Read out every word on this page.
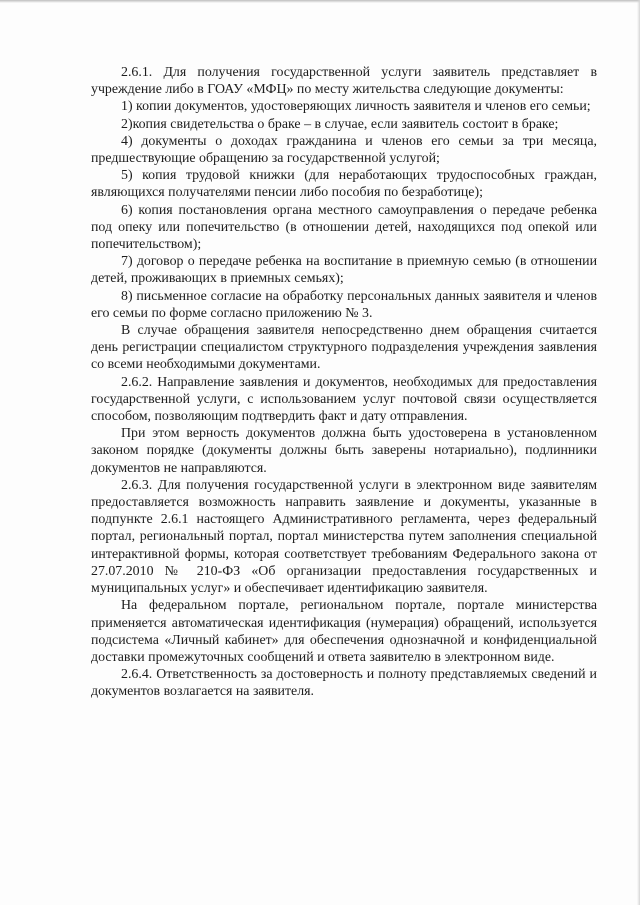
2.6.1. Для получения государственной услуги заявитель представляет в учреждение либо в ГОАУ «МФЦ» по месту жительства следующие документы:

1) копии документов, удостоверяющих личность заявителя и членов его семьи;

2)копия свидетельства о браке – в случае, если заявитель состоит в браке;

4) документы о доходах гражданина и членов его семьи за три месяца, предшествующие обращению за государственной услугой;

5) копия трудовой книжки (для неработающих трудоспособных граждан, являющихся получателями пенсии либо пособия по безработице);

6) копия постановления органа местного самоуправления о передаче ребенка под опеку или попечительство (в отношении детей, находящихся под опекой или попечительством);

7) договор о передаче ребенка на воспитание в приемную семью (в отношении детей, проживающих в приемных семьях);

8) письменное согласие на обработку персональных данных заявителя и членов его семьи по форме согласно приложению № 3.

В случае обращения заявителя непосредственно днем обращения считается день регистрации специалистом структурного подразделения учреждения заявления со всеми необходимыми документами.

2.6.2. Направление заявления и документов, необходимых для предоставления государственной услуги, с использованием услуг почтовой связи осуществляется способом, позволяющим подтвердить факт и дату отправления.

При этом верность документов должна быть удостоверена в установленном законом порядке (документы должны быть заверены нотариально), подлинники документов не направляются.

2.6.3. Для получения государственной услуги в электронном виде заявителям предоставляется возможность направить заявление и документы, указанные в подпункте 2.6.1 настоящего Административного регламента, через федеральный портал, региональный портал, портал министерства путем заполнения специальной интерактивной формы, которая соответствует требованиям Федерального закона от 27.07.2010 № 210-ФЗ «Об организации предоставления государственных и муниципальных услуг» и обеспечивает идентификацию заявителя.

На федеральном портале, региональном портале, портале министерства применяется автоматическая идентификация (нумерация) обращений, используется подсистема «Личный кабинет» для обеспечения однозначной и конфиденциальной доставки промежуточных сообщений и ответа заявителю в электронном виде.

2.6.4. Ответственность за достоверность и полноту представляемых сведений и документов возлагается на заявителя.
